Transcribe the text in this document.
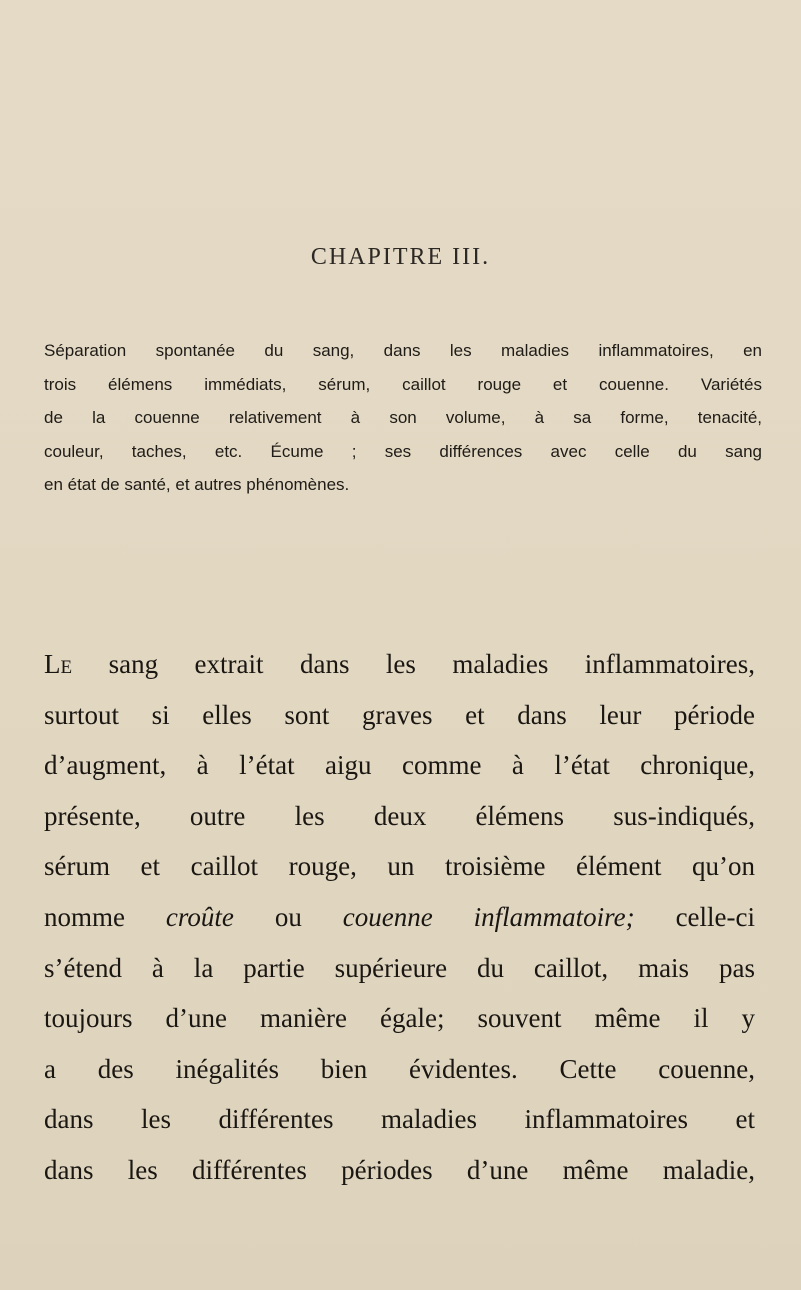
CHAPITRE III.
Séparation spontanée du sang, dans les maladies inflammatoires, en
trois élémens immédiats, sérum, caillot rouge et couenne. Variétés
de la couenne relativement à son volume, à sa forme, tenacité,
couleur, taches, etc. Écume ; ses différences avec celle du sang
en état de santé, et autres phénomènes.
Le sang extrait dans les maladies inflammatoires,
surtout si elles sont graves et dans leur période
d’augment, à l’état aigu comme à l’état chronique,
présente, outre les deux élémens sus-indiqués,
sérum et caillot rouge, un troisième élément qu’on
nomme croûte ou couenne inflammatoire; celle-ci
s’étend à la partie supérieure du caillot, mais pas
toujours d’une manière égale; souvent même il y
a des inégalités bien évidentes. Cette couenne,
dans les différentes maladies inflammatoires et
dans les différentes périodes d’une même maladie,
